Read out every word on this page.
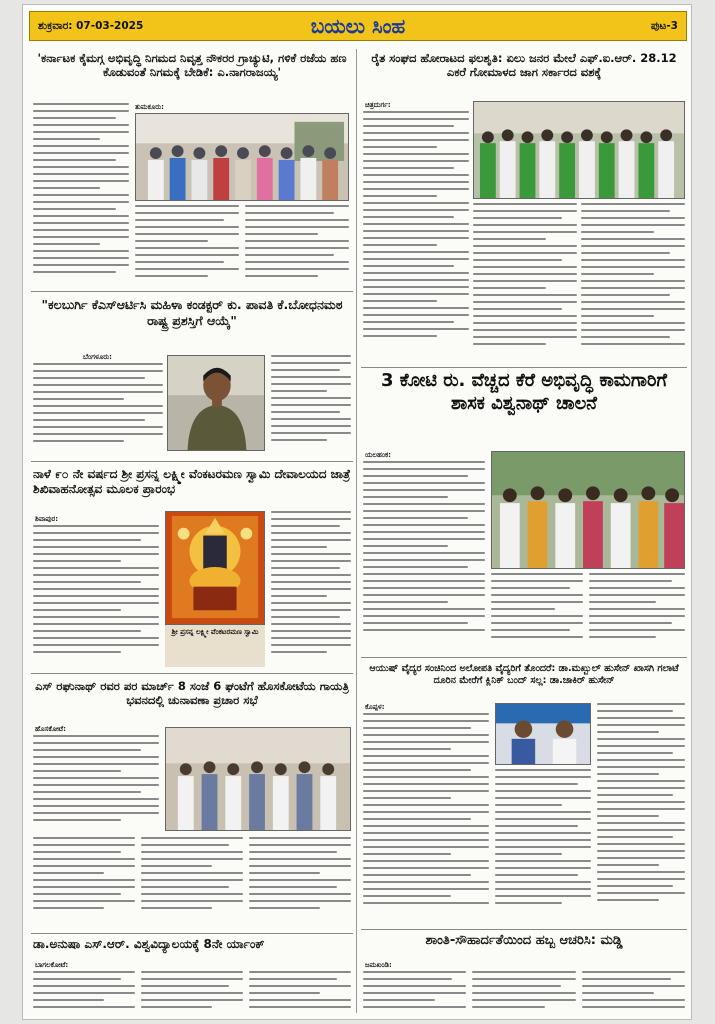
ಶುಕ್ರವಾರ: 07-03-2025	ಬಯಲು ಸಿಂಹ	ಪುಟ-3
'ಕರ್ನಾಟಕ ಕೈಮಗ್ಗ ಅಭಿವೃದ್ಧಿ ನಿಗಮದ ನಿವೃತ್ತ ನೌಕರರ ಗ್ರಾಚ್ಯುಟಿ, ಗಳಿಕೆ ರಜೆಯ ಹಣ ಕೊಡುವಂತೆ ನಿಗಮಕ್ಕೆ ಬೇಡಿಕೆ: ಎ.ನಾಗರಾಜಯ್ಯ'
ತುಮಕೂರು:
"ಕಲಬುರ್ಗಿ ಕೆಎಸ್ಆರ್ಟಿಸಿ ಮಹಿಳಾ ಕಂಡಕ್ಟರ್ ಕು. ಪಾವತಿ ಕೆ.ಬೋಧನಮಠ ರಾಷ್ಟ್ರ ಪ್ರಶಸ್ತಿಗೆ ಆಯ್ಕೆ"
ಬೆಂಗಳೂರು:
ನಾಳೆ ೯೦ ನೇ ವರ್ಷದ ಶ್ರೀ ಪ್ರಸನ್ನ ಲಕ್ಷ್ಮೀ ವೆಂಕಟರಮಣ ಸ್ವಾಮಿ ದೇವಾಲಯದ ಜಾತ್ರೆ ಶಿಖಿವಾಹನೋತ್ಸವ ಮೂಲಕ ಪ್ರಾರಂಭ
ಶಿವಾಪುರ:
ಶ್ರೀ ಪ್ರಸನ್ನ ಲಕ್ಷ್ಮೀ ವೆಂಕಟರಮಣ ಸ್ವಾಮಿ
ಎಸ್ ರಘುನಾಥ್ ರವರ ಪರ ಮಾರ್ಚ್ 8 ಸಂಜೆ 6 ಘಂಟೆಗೆ ಹೊಸಕೋಟೆಯ ಗಾಯತ್ರಿ ಭವನದಲ್ಲಿ ಚುನಾವಣಾ ಪ್ರಚಾರ ಸಭೆ
ಹೊಸಕೋಟೆ:
ಡಾ.ಅನುಷಾ ಎಸ್.ಆರ್. ವಿಶ್ವವಿದ್ಯಾಲಯಕ್ಕೆ 8ನೇ ರ್ಯಾಂಕ್
ಬಾಗಲಕೋಟೆ:
ರೈತ ಸಂಘದ ಹೋರಾಟದ ಫಲಶೃತಿ: ಏಲು ಜನರ ಮೇಲೆ ಎಫ್.ಐ.ಆರ್. 28.12 ಎಕರೆ ಗೋಮಾಳದ ಜಾಗ ಸರ್ಕಾರದ ವಶಕ್ಕೆ
ಚಿತ್ರದುರ್ಗ:
3 ಕೋಟಿ ರು. ವೆಚ್ಚದ ಕೆರೆ ಅಭಿವೃದ್ಧಿ ಕಾಮಗಾರಿಗೆ ಶಾಸಕ ವಿಶ್ವನಾಥ್ ಚಾಲನೆ
ಯಲಹಂಕ:
ಆಯುಷ್ ವೈದ್ಯರ ಸಂಚಿನಿಂದ ಅಲೋಪತಿ ವೈದ್ಯರಿಗೆ ತೊಂದರೆ: ಡಾ.ಮಖ್ಬುಲ್ ಹುಸೇನ್ ಖಾಸಗಿ ಗಲಾಟೆ ದೂರಿನ ಮೇರೆಗೆ ಕ್ಲಿನಿಕ್ ಬಂದ್ ಸಲ್ಲ: ಡಾ.ಜಾಕಿರ್ ಹುಸೇನ್
ಕೊಪ್ಪಳ:
ಶಾಂತಿ-ಸೌಹಾರ್ದತೆಯಿಂದ ಹಬ್ಬ ಆಚರಿಸಿ: ಮಡ್ಡಿ
ಜಮಖಂಡಿ:
